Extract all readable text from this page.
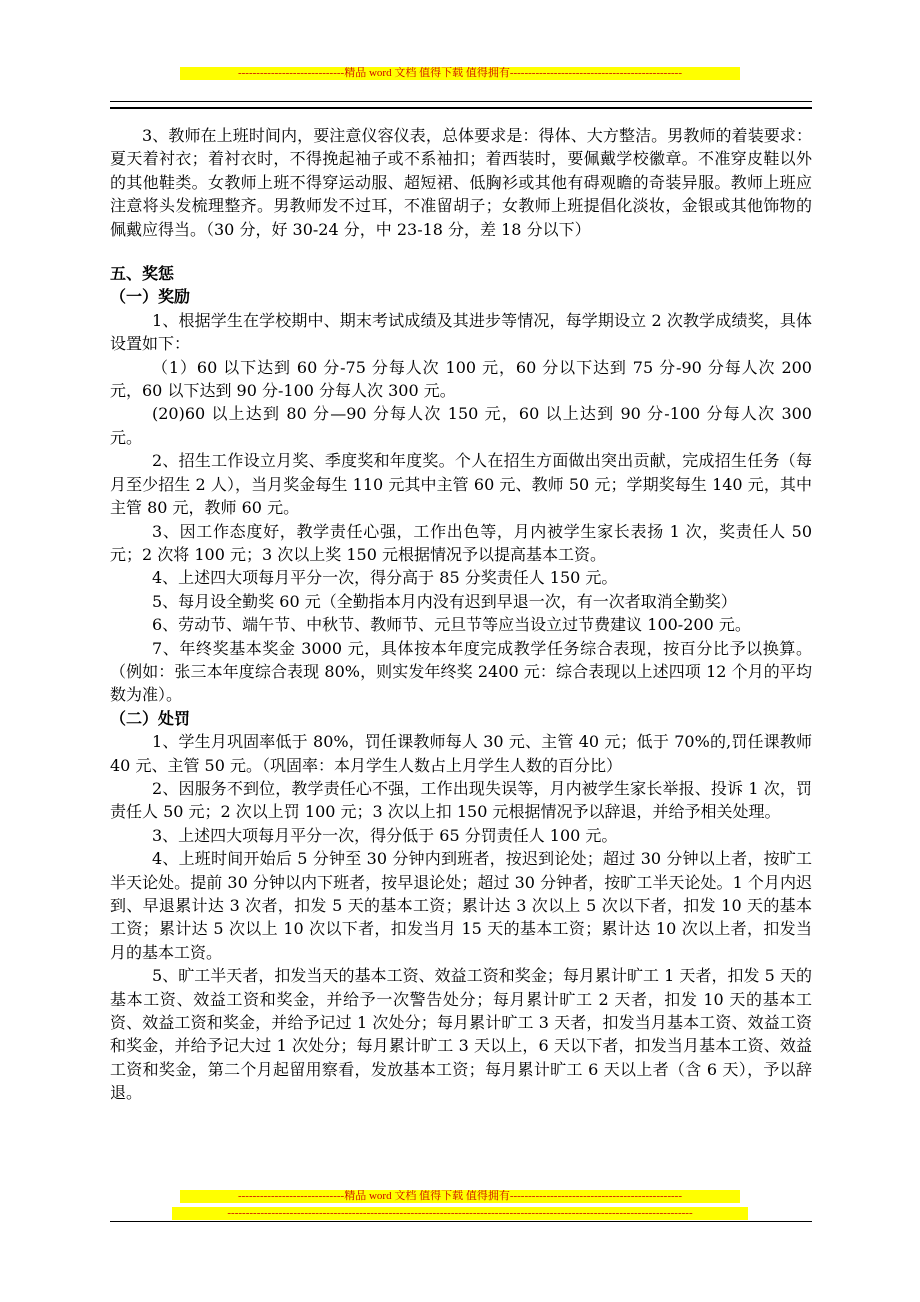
-----------------------------精品 word 文档 值得下载 值得拥有-----------------------------------------------

3、教师在上班时间内，要注意仪容仪表，总体要求是：得体、大方整洁。男教师的着装要求：夏天着衬衣；着衬衣时，不得挽起袖子或不系袖扣；着西装时，要佩戴学校徽章。不准穿皮鞋以外的其他鞋类。女教师上班不得穿运动服、超短裙、低胸衫或其他有碍观瞻的奇装异服。教师上班应注意将头发梳理整齐。男教师发不过耳，不准留胡子；女教师上班提倡化淡妆，金银或其他饰物的佩戴应得当。（30 分，好 30-24 分，中 23-18 分，差 18 分以下）

五、奖惩

（一）奖励

1、根据学生在学校期中、期末考试成绩及其进步等情况，每学期设立 2 次教学成绩奖，具体设置如下：

（1）60 以下达到 60 分-75 分每人次 100 元，60 分以下达到 75 分-90 分每人次 200 元，60 以下达到 90 分-100 分每人次 300 元。

(20)60 以上达到 80 分—90 分每人次 150 元，60 以上达到 90 分-100 分每人次 300 元。

2、招生工作设立月奖、季度奖和年度奖。个人在招生方面做出突出贡献，完成招生任务（每月至少招生 2 人），当月奖金每生 110 元其中主管 60 元、教师 50 元；学期奖每生 140 元，其中主管 80 元，教师 60 元。

3、因工作态度好，教学责任心强，工作出色等，月内被学生家长表扬 1 次，奖责任人 50 元；2 次将 100 元；3 次以上奖 150 元根据情况予以提高基本工资。

4、上述四大项每月平分一次，得分高于 85 分奖责任人 150 元。

5、每月设全勤奖 60 元（全勤指本月内没有迟到早退一次，有一次者取消全勤奖）

6、劳动节、端午节、中秋节、教师节、元旦节等应当设立过节费建议 100-200 元。

7、年终奖基本奖金 3000 元，具体按本年度完成教学任务综合表现，按百分比予以换算。（例如：张三本年度综合表现 80%，则实发年终奖 2400 元：综合表现以上述四项 12 个月的平均数为准）。

（二）处罚

1、学生月巩固率低于 80%，罚任课教师每人 30 元、主管 40 元；低于 70%的,罚任课教师 40 元、主管 50 元。（巩固率：本月学生人数占上月学生人数的百分比）

2、因服务不到位，教学责任心不强，工作出现失误等，月内被学生家长举报、投诉 1 次，罚责任人 50 元；2 次以上罚 100 元；3 次以上扣 150 元根据情况予以辞退，并给予相关处理。

3、上述四大项每月平分一次，得分低于 65 分罚责任人 100 元。

4、上班时间开始后 5 分钟至 30 分钟内到班者，按迟到论处；超过 30 分钟以上者，按旷工半天论处。提前 30 分钟以内下班者，按早退论处；超过 30 分钟者，按旷工半天论处。1 个月内迟到、早退累计达 3 次者，扣发 5 天的基本工资；累计达 3 次以上 5 次以下者，扣发 10 天的基本工资；累计达 5 次以上 10 次以下者，扣发当月 15 天的基本工资；累计达 10 次以上者，扣发当月的基本工资。

5、旷工半天者，扣发当天的基本工资、效益工资和奖金；每月累计旷工 1 天者，扣发 5 天的基本工资、效益工资和奖金，并给予一次警告处分；每月累计旷工 2 天者，扣发 10 天的基本工资、效益工资和奖金，并给予记过 1 次处分；每月累计旷工 3 天者，扣发当月基本工资、效益工资和奖金，并给予记大过 1 次处分；每月累计旷工 3 天以上，6 天以下者，扣发当月基本工资、效益工资和奖金，第二个月起留用察看，发放基本工资；每月累计旷工 6 天以上者（含 6 天），予以辞退。

-----------------------------精品 word 文档 值得下载 值得拥有-----------------------------------------------
-------------------------------------------------------------------------------------------------------------------------------
